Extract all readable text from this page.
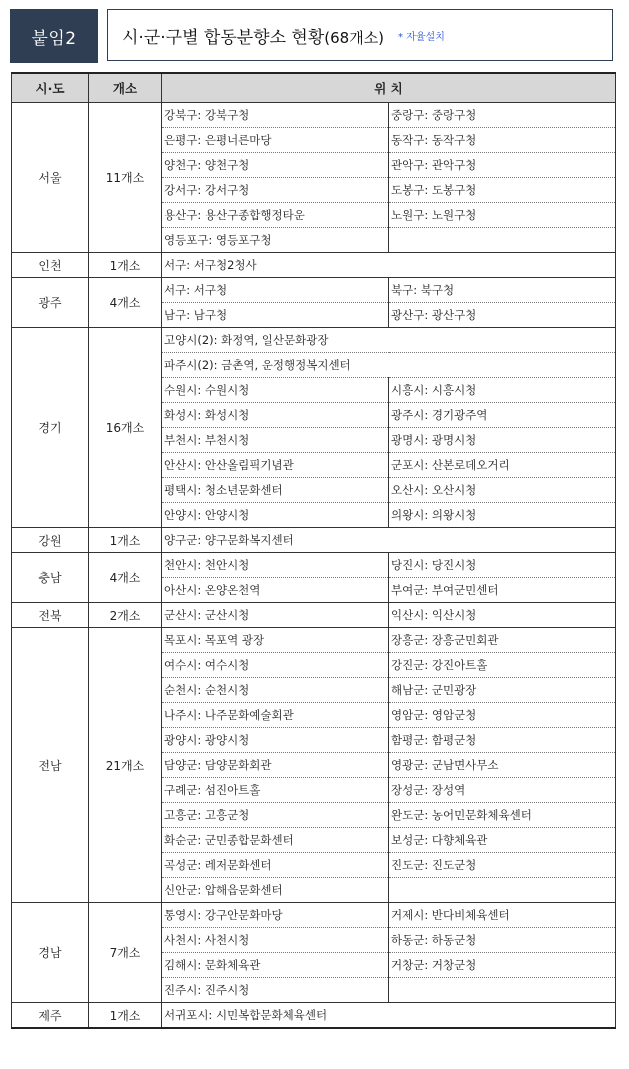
붙임2	시·군·구별 합동분향소 현황(68개소) * 자율설치
시·도	개소	위 치	
서울	11개소	강북구: 강북구청	중랑구: 중랑구청
		은평구: 은평너른마당	동작구: 동작구청
		양천구: 양천구청	관악구: 관악구청
		강서구: 강서구청	도봉구: 도봉구청
		용산구: 용산구종합행정타운	노원구: 노원구청
		영등포구: 영등포구청	
인천	1개소	서구: 서구청2청사	
광주	4개소	서구: 서구청	북구: 북구청
		남구: 남구청	광산구: 광산구청
경기	16개소	고양시(2): 화정역, 일산문화광장	
		파주시(2): 금촌역, 운정행정복지센터	
		수원시: 수원시청	시흥시: 시흥시청
		화성시: 화성시청	광주시: 경기광주역
		부천시: 부천시청	광명시: 광명시청
		안산시: 안산올림픽기념관	군포시: 산본로데오거리
		평택시: 청소년문화센터	오산시: 오산시청
		안양시: 안양시청	의왕시: 의왕시청
강원	1개소	양구군: 양구문화복지센터	
충남	4개소	천안시: 천안시청	당진시: 당진시청
		아산시: 온양온천역	부여군: 부여군민센터
전북	2개소	군산시: 군산시청	익산시: 익산시청
전남	21개소	목포시: 목포역 광장	장흥군: 장흥군민회관
		여수시: 여수시청	강진군: 강진아트홀
		순천시: 순천시청	해남군: 군민광장
		나주시: 나주문화예술회관	영암군: 영암군청
		광양시: 광양시청	함평군: 함평군청
		담양군: 담양문화회관	영광군: 군남면사무소
		구례군: 섬진아트홀	장성군: 장성역
		고흥군: 고흥군청	완도군: 농어민문화체육센터
		화순군: 군민종합문화센터	보성군: 다향체육관
		곡성군: 레저문화센터	진도군: 진도군청
		신안군: 압해읍문화센터	
경남	7개소	통영시: 강구안문화마당	거제시: 반다비체육센터
		사천시: 사천시청	하동군: 하동군청
		김해시: 문화체육관	거창군: 거창군청
		진주시: 진주시청	
제주	1개소	서귀포시: 시민복합문화체육센터	
